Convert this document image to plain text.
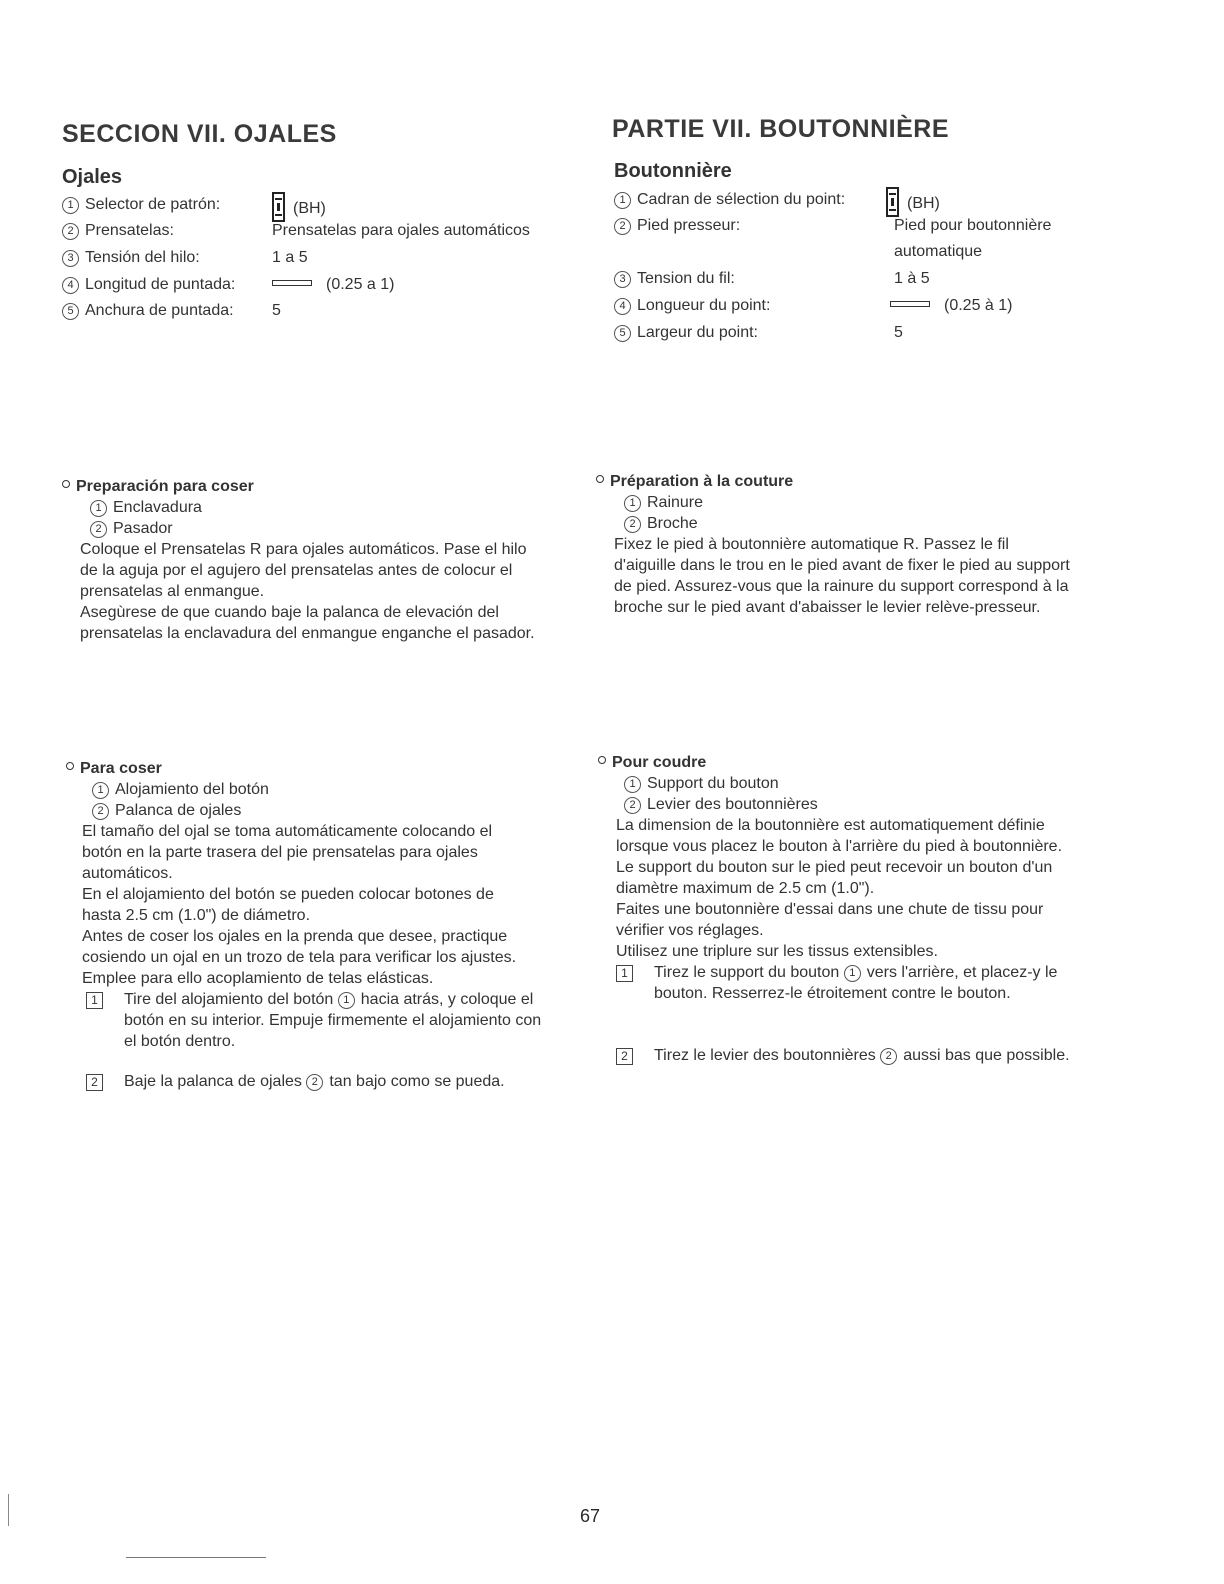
SECCION VII. OJALES
Ojales
1 Selector de patrón:	(BH)
2 Prensatelas:	Prensatelas para ojales automáticos
3 Tensión del hilo:	1 a 5
4 Longitud de puntada:	(0.25 a 1)
5 Anchura de puntada: 5
Preparación para coser
1 Enclavadura
2 Pasador
Coloque el Prensatelas R para ojales automáticos. Pase el hilo
de la aguja por el agujero del prensatelas antes de colocur el
prensatelas al enmangue.
Asegùrese de que cuando baje la palanca de elevación del
prensatelas la enclavadura del enmangue enganche el pasador.
Para coser
1 Alojamiento del botón
2 Palanca de ojales
El tamaño del ojal se toma automáticamente colocando el
botón en la parte trasera del pie prensatelas para ojales
automáticos.
En el alojamiento del botón se pueden colocar botones de
hasta 2.5 cm (1.0") de diámetro.
Antes de coser los ojales en la prenda que desee, practique
cosiendo un ojal en un trozo de tela para verificar los ajustes.
Emplee para ello acoplamiento de telas elásticas.
1	Tire del alojamiento del botón 1 hacia atrás, y coloque el
botón en su interior. Empuje firmemente el alojamiento con
el botón dentro.
2	Baje la palanca de ojales 2 tan bajo como se pueda.
PARTIE VII. BOUTONNIÈRE
Boutonnière
1 Cadran de sélection du point:	(BH)
2 Pied presseur:	Pied pour boutonnière
automatique
3 Tension du fil:	1 à 5
4 Longueur du point:	(0.25 à 1)
5 Largeur du point:	5
Préparation à la couture
1 Rainure
2 Broche
Fixez le pied à boutonnière automatique R. Passez le fil
d'aiguille dans le trou en le pied avant de fixer le pied au support
de pied. Assurez-vous que la rainure du support correspond à la
broche sur le pied avant d'abaisser le levier relève-presseur.
Pour coudre
1 Support du bouton
2 Levier des boutonnières
La dimension de la boutonnière est automatiquement définie
lorsque vous placez le bouton à l'arrière du pied à boutonnière.
Le support du bouton sur le pied peut recevoir un bouton d'un
diamètre maximum de 2.5 cm (1.0").
Faites une boutonnière d'essai dans une chute de tissu pour
vérifier vos réglages.
Utilisez une triplure sur les tissus extensibles.
1	Tirez le support du bouton 1 vers l'arrière, et placez-y le
bouton. Resserrez-le étroitement contre le bouton.
2	Tirez le levier des boutonnières 2 aussi bas que possible.
67
